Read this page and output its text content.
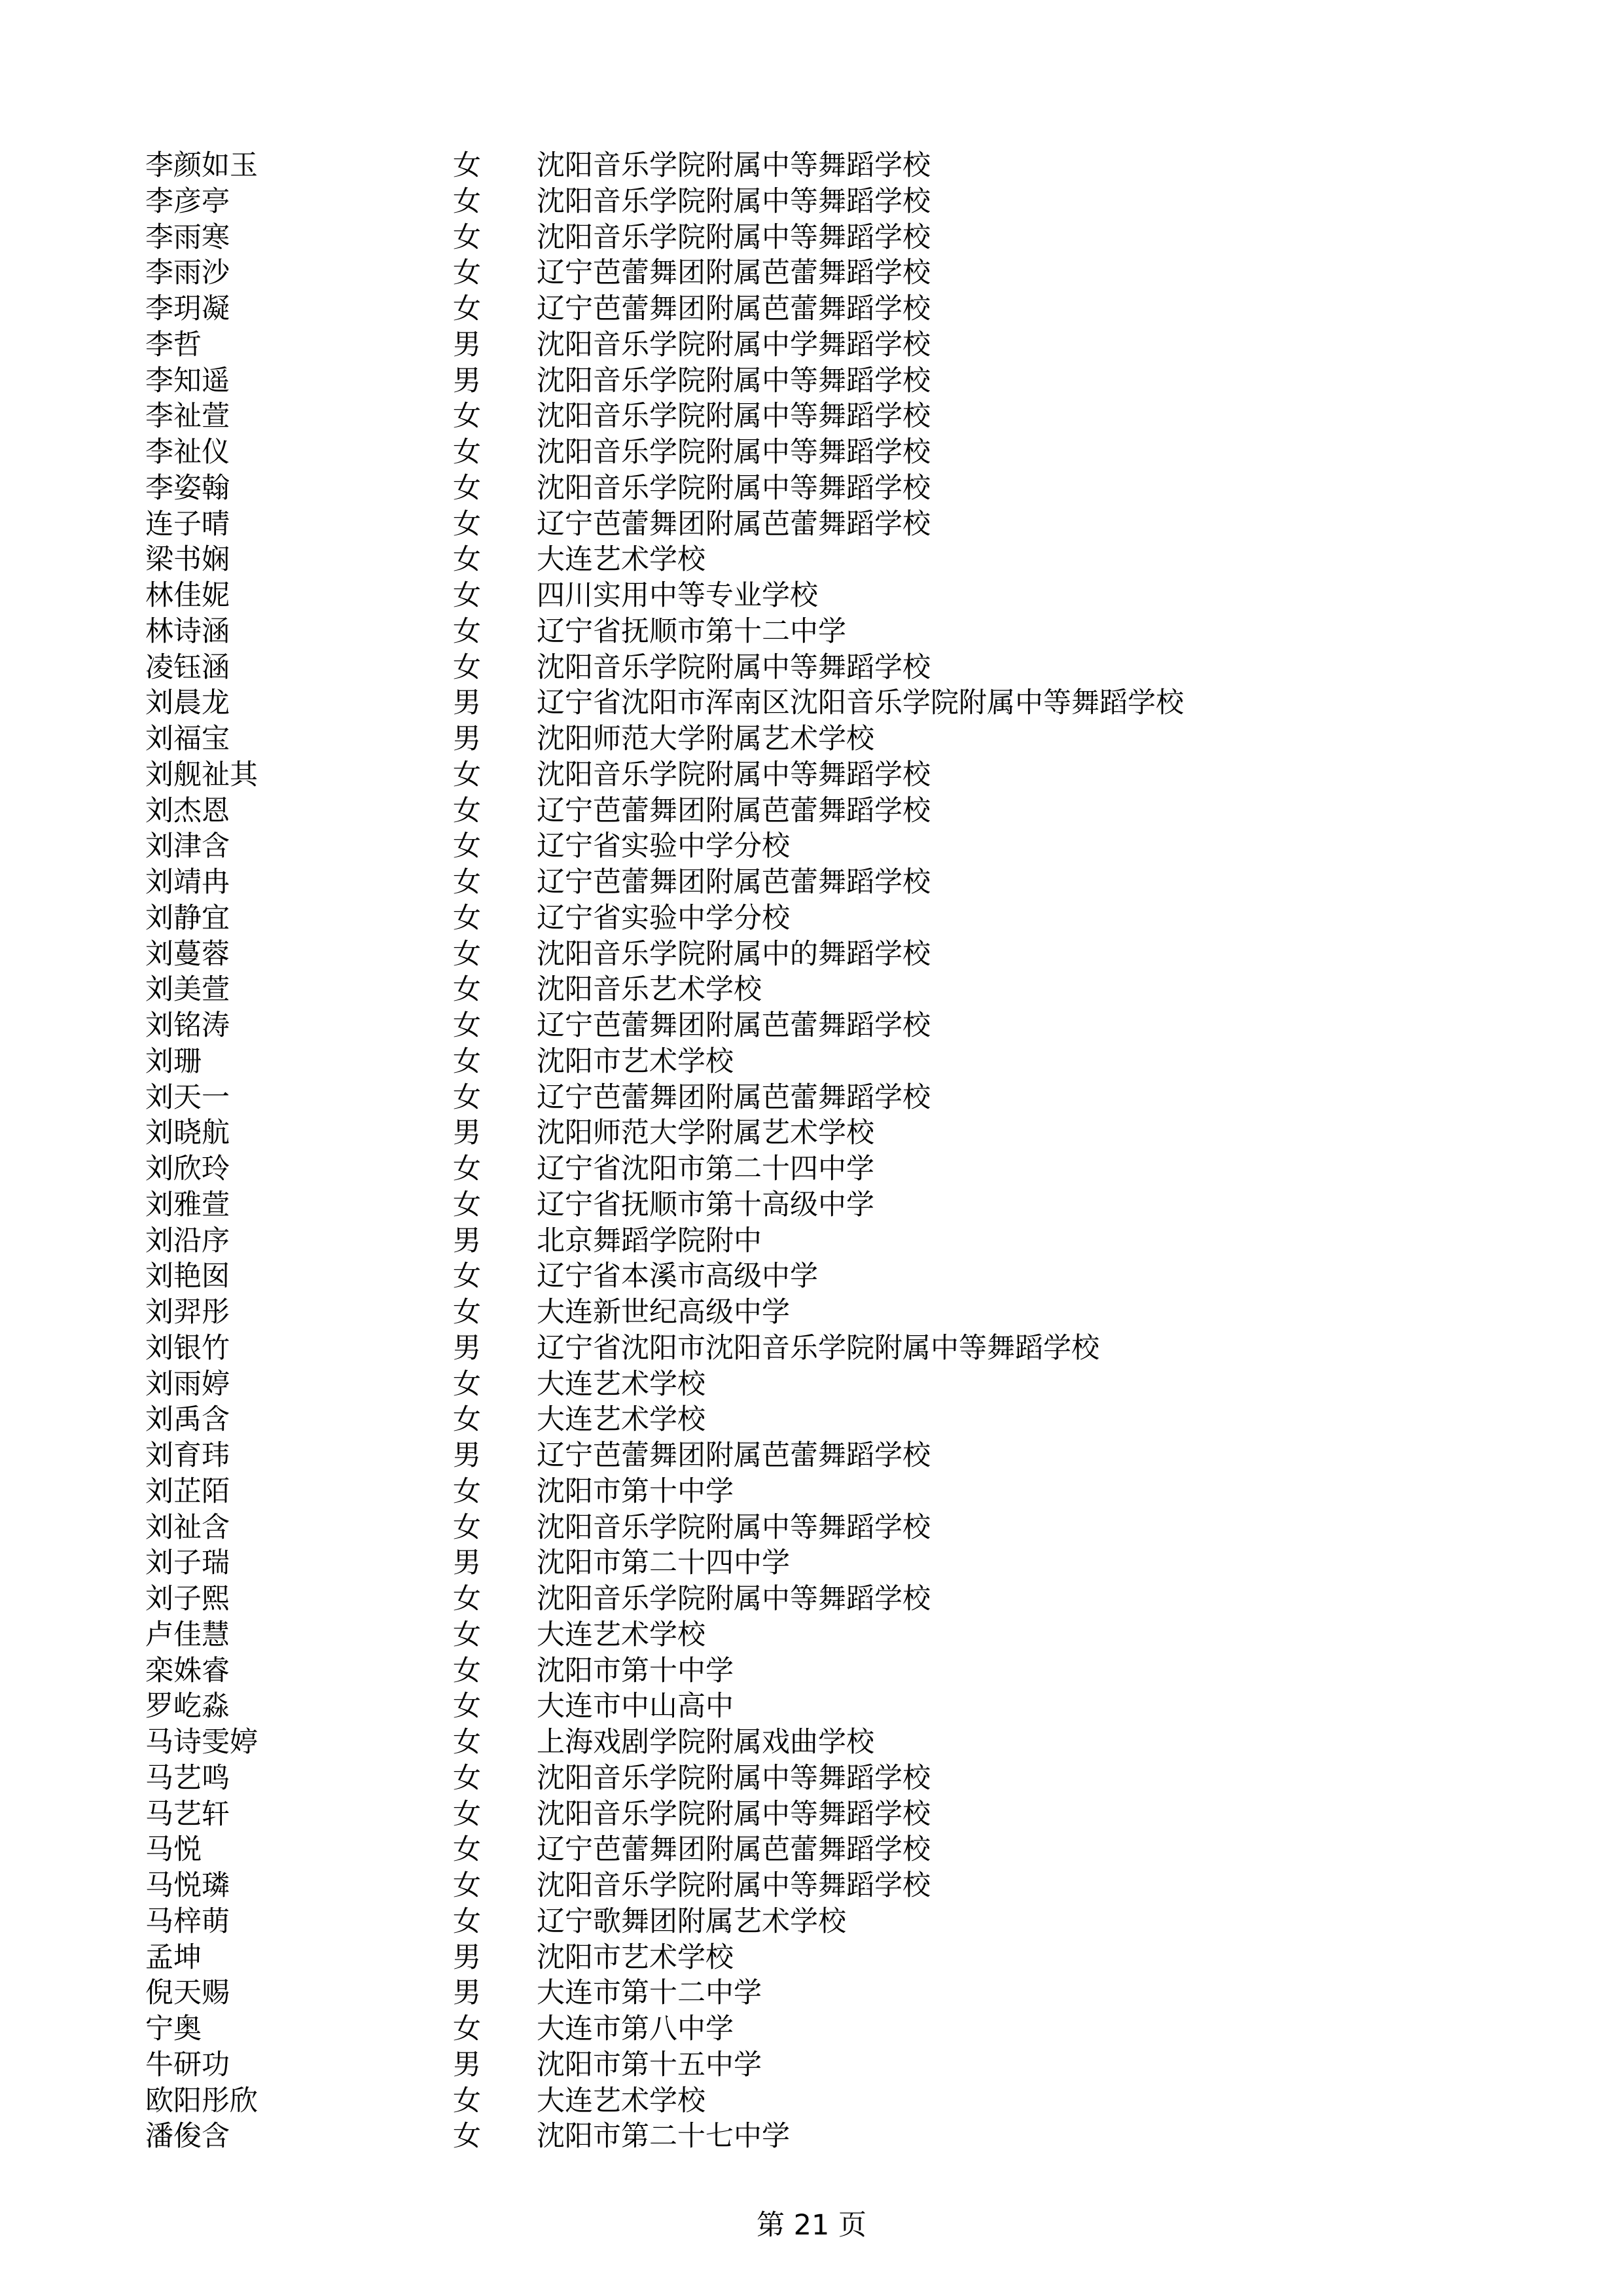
李颜如玉	女 沈阳音乐学院附属中等舞蹈学校
李彦亭	女 沈阳音乐学院附属中等舞蹈学校
李雨寒	女 沈阳音乐学院附属中等舞蹈学校
李雨沙	女 辽宁芭蕾舞团附属芭蕾舞蹈学校
李玥凝	女 辽宁芭蕾舞团附属芭蕾舞蹈学校
李哲	男 沈阳音乐学院附属中学舞蹈学校
李知遥	男 沈阳音乐学院附属中等舞蹈学校
李祉萱	女 沈阳音乐学院附属中等舞蹈学校
李祉仪	女 沈阳音乐学院附属中等舞蹈学校
李姿翰	女 沈阳音乐学院附属中等舞蹈学校
连子晴	女 辽宁芭蕾舞团附属芭蕾舞蹈学校
梁书娴	女 大连艺术学校
林佳妮	女 四川实用中等专业学校
林诗涵	女 辽宁省抚顺市第十二中学
凌钰涵	女 沈阳音乐学院附属中等舞蹈学校
刘晨龙	男 辽宁省沈阳市浑南区沈阳音乐学院附属中等舞蹈学校
刘福宝	男 沈阳师范大学附属艺术学校
刘舰祉其	女 沈阳音乐学院附属中等舞蹈学校
刘杰恩	女 辽宁芭蕾舞团附属芭蕾舞蹈学校
刘津含	女 辽宁省实验中学分校
刘靖冉	女 辽宁芭蕾舞团附属芭蕾舞蹈学校
刘静宜	女 辽宁省实验中学分校
刘蔓蓉	女 沈阳音乐学院附属中的舞蹈学校
刘美萱	女 沈阳音乐艺术学校
刘铭涛	女 辽宁芭蕾舞团附属芭蕾舞蹈学校
刘珊	女 沈阳市艺术学校
刘天一	女 辽宁芭蕾舞团附属芭蕾舞蹈学校
刘晓航	男 沈阳师范大学附属艺术学校
刘欣玲	女 辽宁省沈阳市第二十四中学
刘雅萱	女 辽宁省抚顺市第十高级中学
刘沿序	男 北京舞蹈学院附中
刘艳囡	女 辽宁省本溪市高级中学
刘羿彤	女 大连新世纪高级中学
刘银竹	男 辽宁省沈阳市沈阳音乐学院附属中等舞蹈学校
刘雨婷	女 大连艺术学校
刘禹含	女 大连艺术学校
刘育玮	男 辽宁芭蕾舞团附属芭蕾舞蹈学校
刘芷陌	女 沈阳市第十中学
刘祉含	女 沈阳音乐学院附属中等舞蹈学校
刘子瑞	男 沈阳市第二十四中学
刘子熙	女 沈阳音乐学院附属中等舞蹈学校
卢佳慧	女 大连艺术学校
栾姝睿	女 沈阳市第十中学
罗屹淼	女 大连市中山高中
马诗雯婷	女 上海戏剧学院附属戏曲学校
马艺鸣	女 沈阳音乐学院附属中等舞蹈学校
马艺轩	女 沈阳音乐学院附属中等舞蹈学校
马悦	女 辽宁芭蕾舞团附属芭蕾舞蹈学校
马悦璘	女 沈阳音乐学院附属中等舞蹈学校
马梓萌	女 辽宁歌舞团附属艺术学校
孟坤	男 沈阳市艺术学校
倪天赐	男 大连市第十二中学
宁奥	女 大连市第八中学
牛研功	男 沈阳市第十五中学
欧阳彤欣	女 大连艺术学校
潘俊含	女 沈阳市第二十七中学
第 21 页
